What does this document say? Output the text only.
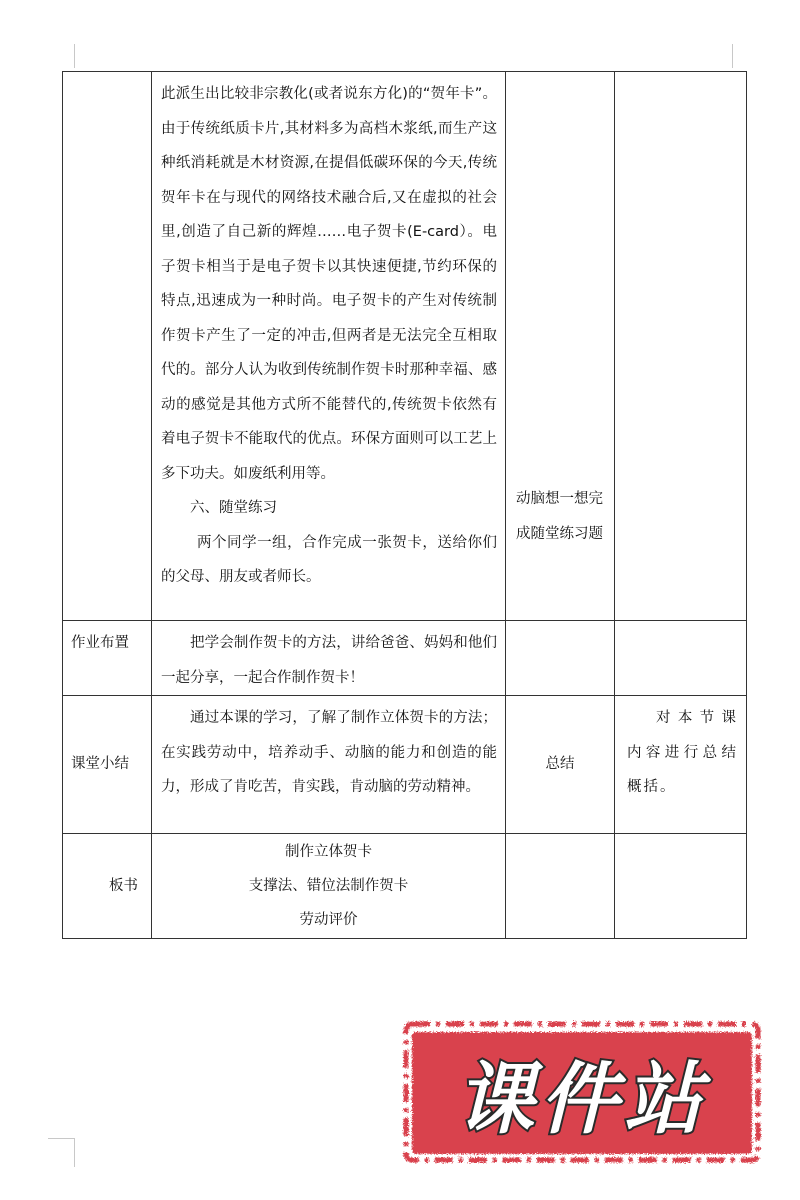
	此派生出比较非宗教化(或者说东方化)的“贺年卡”。由于传统纸质卡片,其材料多为高档木浆纸,而生产这种纸消耗就是木材资源,在提倡低碳环保的今天,传统贺年卡在与现代的网络技术融合后,又在虚拟的社会里,创造了自己新的辉煌……电子贺卡(E-card）。电子贺卡相当于是电子贺卡以其快速便捷,节约环保的特点,迅速成为一种时尚。电子贺卡的产生对传统制作贺卡产生了一定的冲击,但两者是无法完全互相取代的。部分人认为收到传统制作贺卡时那种幸福、感动的感觉是其他方式所不能替代的,传统贺卡依然有着电子贺卡不能取代的优点。环保方面则可以工艺上多下功夫。如废纸利用等。

六、随堂练习

两个同学一组，合作完成一张贺卡，送给你们的父母、朋友或者师长。	动脑想一想完成随堂练习题	

作业布置	把学会制作贺卡的方法，讲给爸爸、妈妈和他们一起分享，一起合作制作贺卡！		

课堂小结	通过本课的学习，了解了制作立体贺卡的方法；在实践劳动中，培养动手、动脑的能力和创造的能力，形成了肯吃苦，肯实践，肯动脑的劳动精神。	总结	对本节课内容进行总结概括。

板书	制作立体贺卡
支撑法、错位法制作贺卡
劳动评价		

课件站
